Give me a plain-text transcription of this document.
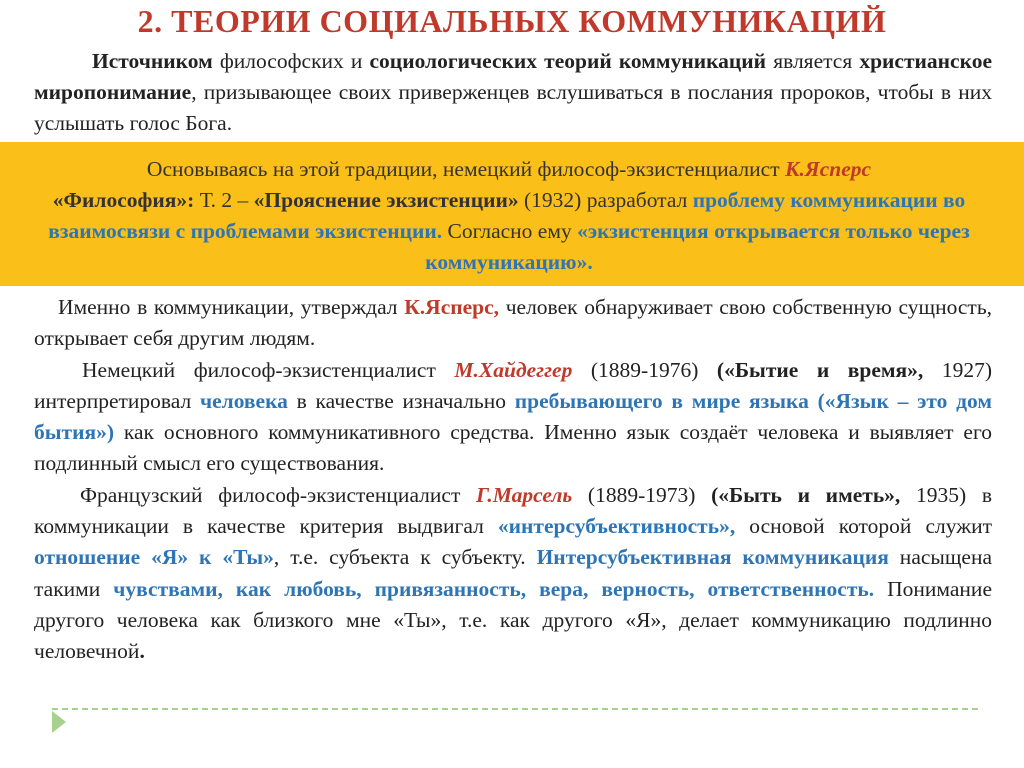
2. ТЕОРИИ СОЦИАЛЬНЫХ КОММУНИКАЦИЙ

Источником философских и социологических теорий коммуникаций является христианское миропонимание, призывающее своих приверженцев вслушиваться в послания пророков, чтобы в них услышать голос Бога.

Основываясь на этой традиции, немецкий философ-экзистенциалист К.Ясперс
«Философия»: Т. 2 – «Прояснение экзистенции» (1932) разработал проблему коммуникации во взаимосвязи с проблемами экзистенции. Согласно ему «экзистенция открывается только через коммуникацию».

Именно в коммуникации, утверждал К.Ясперс, человек обнаруживает свою собственную сущность, открывает себя другим людям.

Немецкий философ-экзистенциалист М.Хайдеггер (1889-1976) («Бытие и время», 1927) интерпретировал человека в качестве изначально пребывающего в мире языка («Язык – это дом бытия») как основного коммуникативного средства. Именно язык создаёт человека и выявляет его подлинный смысл его существования.

Французский философ-экзистенциалист Г.Марсель (1889-1973) («Быть и иметь», 1935) в коммуникации в качестве критерия выдвигал «интерсубъективность», основой которой служит отношение «Я» к «Ты», т.е. субъекта к субъекту. Интерсубъективная коммуникация насыщена такими чувствами, как любовь, привязанность, вера, верность, ответственность. Понимание другого человека как близкого мне «Ты», т.е. как другого «Я», делает коммуникацию подлинно человечной.
